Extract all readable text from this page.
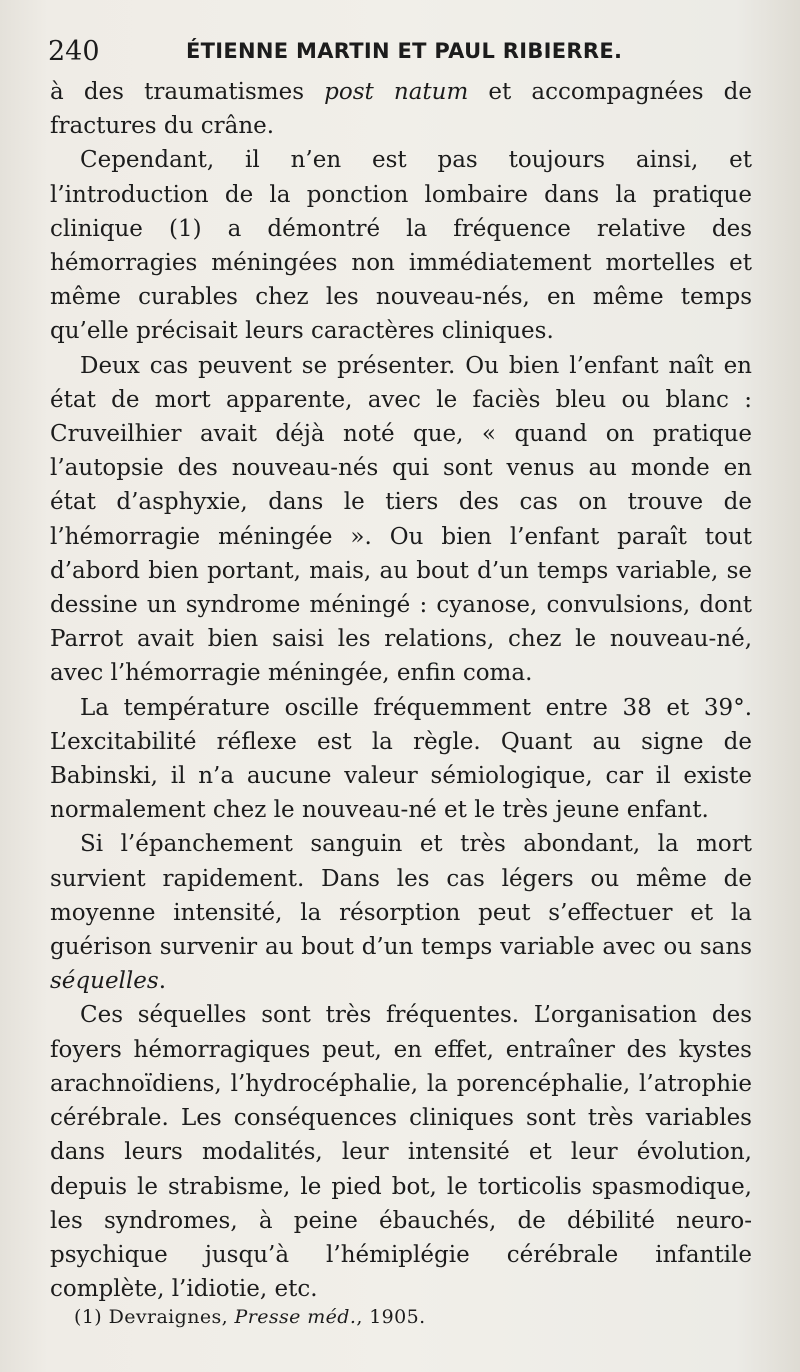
240	ÉTIENNE MARTIN ET PAUL RIBIERRE.

à des traumatismes post natum et accompagnées de fractures du crâne.

Cependant, il n’en est pas toujours ainsi, et l’introduction de la ponction lombaire dans la pratique clinique (1) a démontré la fréquence relative des hémorragies méningées non immédiatement mortelles et même curables chez les nouveau-nés, en même temps qu’elle précisait leurs caractères cliniques.

Deux cas peuvent se présenter. Ou bien l’enfant naît en état de mort apparente, avec le faciès bleu ou blanc : Cruveilhier avait déjà noté que, « quand on pratique l’autopsie des nouveau-nés qui sont venus au monde en état d’asphyxie, dans le tiers des cas on trouve de l’hémorragie méningée ». Ou bien l’enfant paraît tout d’abord bien portant, mais, au bout d’un temps variable, se dessine un syndrome méningé : cyanose, convulsions, dont Parrot avait bien saisi les relations, chez le nouveau-né, avec l’hémorragie méningée, enfin coma.

La température oscille fréquemment entre 38 et 39°. L’excitabilité réflexe est la règle. Quant au signe de Babinski, il n’a aucune valeur sémiologique, car il existe normalement chez le nouveau-né et le très jeune enfant.

Si l’épanchement sanguin et très abondant, la mort survient rapidement. Dans les cas légers ou même de moyenne intensité, la résorption peut s’effectuer et la guérison survenir au bout d’un temps variable avec ou sans séquelles.

Ces séquelles sont très fréquentes. L’organisation des foyers hémorragiques peut, en effet, entraîner des kystes arachnoïdiens, l’hydrocéphalie, la porencéphalie, l’atrophie cérébrale. Les conséquences cliniques sont très variables dans leurs modalités, leur intensité et leur évolution, depuis le strabisme, le pied bot, le torticolis spasmodique, les syndromes, à peine ébauchés, de débilité neuro-psychique jusqu’à l’hémiplégie cérébrale infantile complète, l’idiotie, etc.

(1) Devraignes, Presse méd., 1905.
